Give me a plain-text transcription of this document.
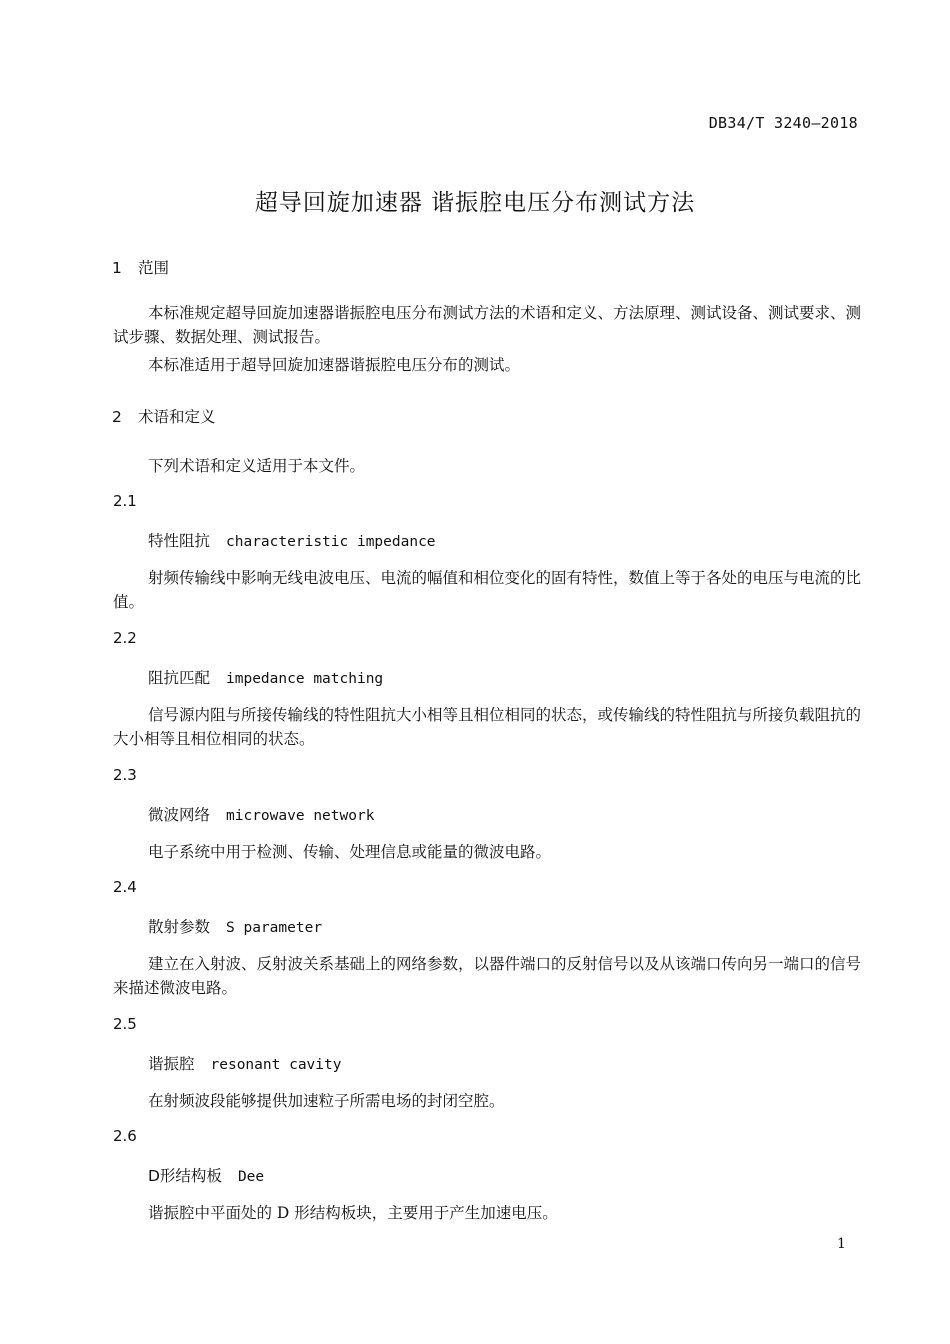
DB34/T 3240—2018
超导回旋加速器 谐振腔电压分布测试方法
1 范围
本标准规定超导回旋加速器谐振腔电压分布测试方法的术语和定义、方法原理、测试设备、测试要求、测试步骤、数据处理、测试报告。
本标准适用于超导回旋加速器谐振腔电压分布的测试。
2 术语和定义
下列术语和定义适用于本文件。
2.1
特性阻抗 characteristic impedance
射频传输线中影响无线电波电压、电流的幅值和相位变化的固有特性，数值上等于各处的电压与电流的比值。
2.2
阻抗匹配 impedance matching
信号源内阻与所接传输线的特性阻抗大小相等且相位相同的状态，或传输线的特性阻抗与所接负载阻抗的大小相等且相位相同的状态。
2.3
微波网络 microwave network
电子系统中用于检测、传输、处理信息或能量的微波电路。
2.4
散射参数 S parameter
建立在入射波、反射波关系基础上的网络参数，以器件端口的反射信号以及从该端口传向另一端口的信号来描述微波电路。
2.5
谐振腔 resonant cavity
在射频波段能够提供加速粒子所需电场的封闭空腔。
2.6
D形结构板 Dee
谐振腔中平面处的 D 形结构板块，主要用于产生加速电压。
1
